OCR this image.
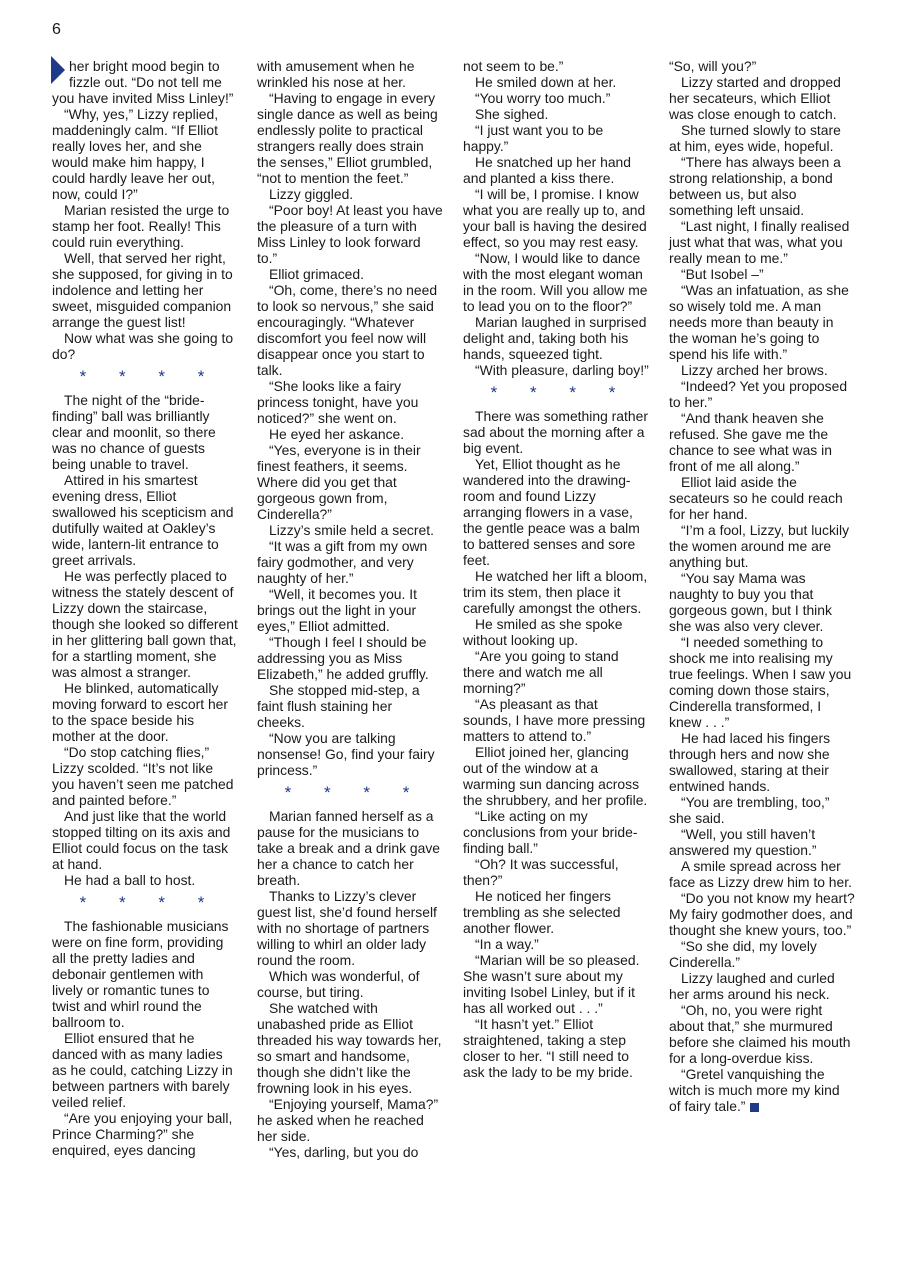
6

her bright mood begin to fizzle out. “Do not tell me you have invited Miss Linley!”

“Why, yes,” Lizzy replied, maddeningly calm. “If Elliot really loves her, and she would make him happy, I could hardly leave her out, now, could I?”

Marian resisted the urge to stamp her foot. Really! This could ruin everything.

Well, that served her right, she supposed, for giving in to indolence and letting her sweet, misguided companion arrange the guest list!

Now what was she going to do?

* * * *

The night of the “bride-finding” ball was brilliantly clear and moonlit, so there was no chance of guests being unable to travel.

Attired in his smartest evening dress, Elliot swallowed his scepticism and dutifully waited at Oakley’s wide, lantern-lit entrance to greet arrivals.

He was perfectly placed to witness the stately descent of Lizzy down the staircase, though she looked so different in her glittering ball gown that, for a startling moment, she was almost a stranger.

He blinked, automatically moving forward to escort her to the space beside his mother at the door.

“Do stop catching flies,” Lizzy scolded. “It’s not like you haven’t seen me patched and painted before.”

And just like that the world stopped tilting on its axis and Elliot could focus on the task at hand.

He had a ball to host.

* * * *

The fashionable musicians were on fine form, providing all the pretty ladies and debonair gentlemen with lively or romantic tunes to twist and whirl round the ballroom to.

Elliot ensured that he danced with as many ladies as he could, catching Lizzy in between partners with barely veiled relief.

“Are you enjoying your ball, Prince Charming?” she enquired, eyes dancing

with amusement when he wrinkled his nose at her.

“Having to engage in every single dance as well as being endlessly polite to practical strangers really does strain the senses,” Elliot grumbled, “not to mention the feet.”

Lizzy giggled.

“Poor boy! At least you have the pleasure of a turn with Miss Linley to look forward to.”

Elliot grimaced.

“Oh, come, there’s no need to look so nervous,” she said encouragingly. “Whatever discomfort you feel now will disappear once you start to talk.

“She looks like a fairy princess tonight, have you noticed?” she went on.

He eyed her askance.

“Yes, everyone is in their finest feathers, it seems. Where did you get that gorgeous gown from, Cinderella?”

Lizzy’s smile held a secret.

“It was a gift from my own fairy godmother, and very naughty of her.”

“Well, it becomes you. It brings out the light in your eyes,” Elliot admitted.

“Though I feel I should be addressing you as Miss Elizabeth,” he added gruffly.

She stopped mid-step, a faint flush staining her cheeks.

“Now you are talking nonsense! Go, find your fairy princess.”

* * * *

Marian fanned herself as a pause for the musicians to take a break and a drink gave her a chance to catch her breath.

Thanks to Lizzy’s clever guest list, she’d found herself with no shortage of partners willing to whirl an older lady round the room.

Which was wonderful, of course, but tiring.

She watched with unabashed pride as Elliot threaded his way towards her, so smart and handsome, though she didn’t like the frowning look in his eyes.

“Enjoying yourself, Mama?” he asked when he reached her side.

“Yes, darling, but you do

not seem to be.”

He smiled down at her.

“You worry too much.”

She sighed.

“I just want you to be happy.”

He snatched up her hand and planted a kiss there.

“I will be, I promise. I know what you are really up to, and your ball is having the desired effect, so you may rest easy.

“Now, I would like to dance with the most elegant woman in the room. Will you allow me to lead you on to the floor?”

Marian laughed in surprised delight and, taking both his hands, squeezed tight.

“With pleasure, darling boy!”

* * * *

There was something rather sad about the morning after a big event.

Yet, Elliot thought as he wandered into the drawing-room and found Lizzy arranging flowers in a vase, the gentle peace was a balm to battered senses and sore feet.

He watched her lift a bloom, trim its stem, then place it carefully amongst the others.

He smiled as she spoke without looking up.

“Are you going to stand there and watch me all morning?”

“As pleasant as that sounds, I have more pressing matters to attend to.”

Elliot joined her, glancing out of the window at a warming sun dancing across the shrubbery, and her profile.

“Like acting on my conclusions from your bride-finding ball.”

“Oh? It was successful, then?”

He noticed her fingers trembling as she selected another flower.

“In a way.”

“Marian will be so pleased. She wasn’t sure about my inviting Isobel Linley, but if it has all worked out . . .”

“It hasn’t yet.” Elliot straightened, taking a step closer to her. “I still need to ask the lady to be my bride.

“So, will you?”

Lizzy started and dropped her secateurs, which Elliot was close enough to catch.

She turned slowly to stare at him, eyes wide, hopeful.

“There has always been a strong relationship, a bond between us, but also something left unsaid.

“Last night, I finally realised just what that was, what you really mean to me.”

“But Isobel –”

“Was an infatuation, as she so wisely told me. A man needs more than beauty in the woman he’s going to spend his life with.”

Lizzy arched her brows.

“Indeed? Yet you proposed to her.”

“And thank heaven she refused. She gave me the chance to see what was in front of me all along.”

Elliot laid aside the secateurs so he could reach for her hand.

“I’m a fool, Lizzy, but luckily the women around me are anything but.

“You say Mama was naughty to buy you that gorgeous gown, but I think she was also very clever.

“I needed something to shock me into realising my true feelings. When I saw you coming down those stairs, Cinderella transformed, I knew . . .”

He had laced his fingers through hers and now she swallowed, staring at their entwined hands.

“You are trembling, too,” she said.

“Well, you still haven’t answered my question.”

A smile spread across her face as Lizzy drew him to her.

“Do you not know my heart? My fairy godmother does, and thought she knew yours, too.”

“So she did, my lovely Cinderella.”

Lizzy laughed and curled her arms around his neck.

“Oh, no, you were right about that,” she murmured before she claimed his mouth for a long-overdue kiss.

“Gretel vanquishing the witch is much more my kind of fairy tale.”
